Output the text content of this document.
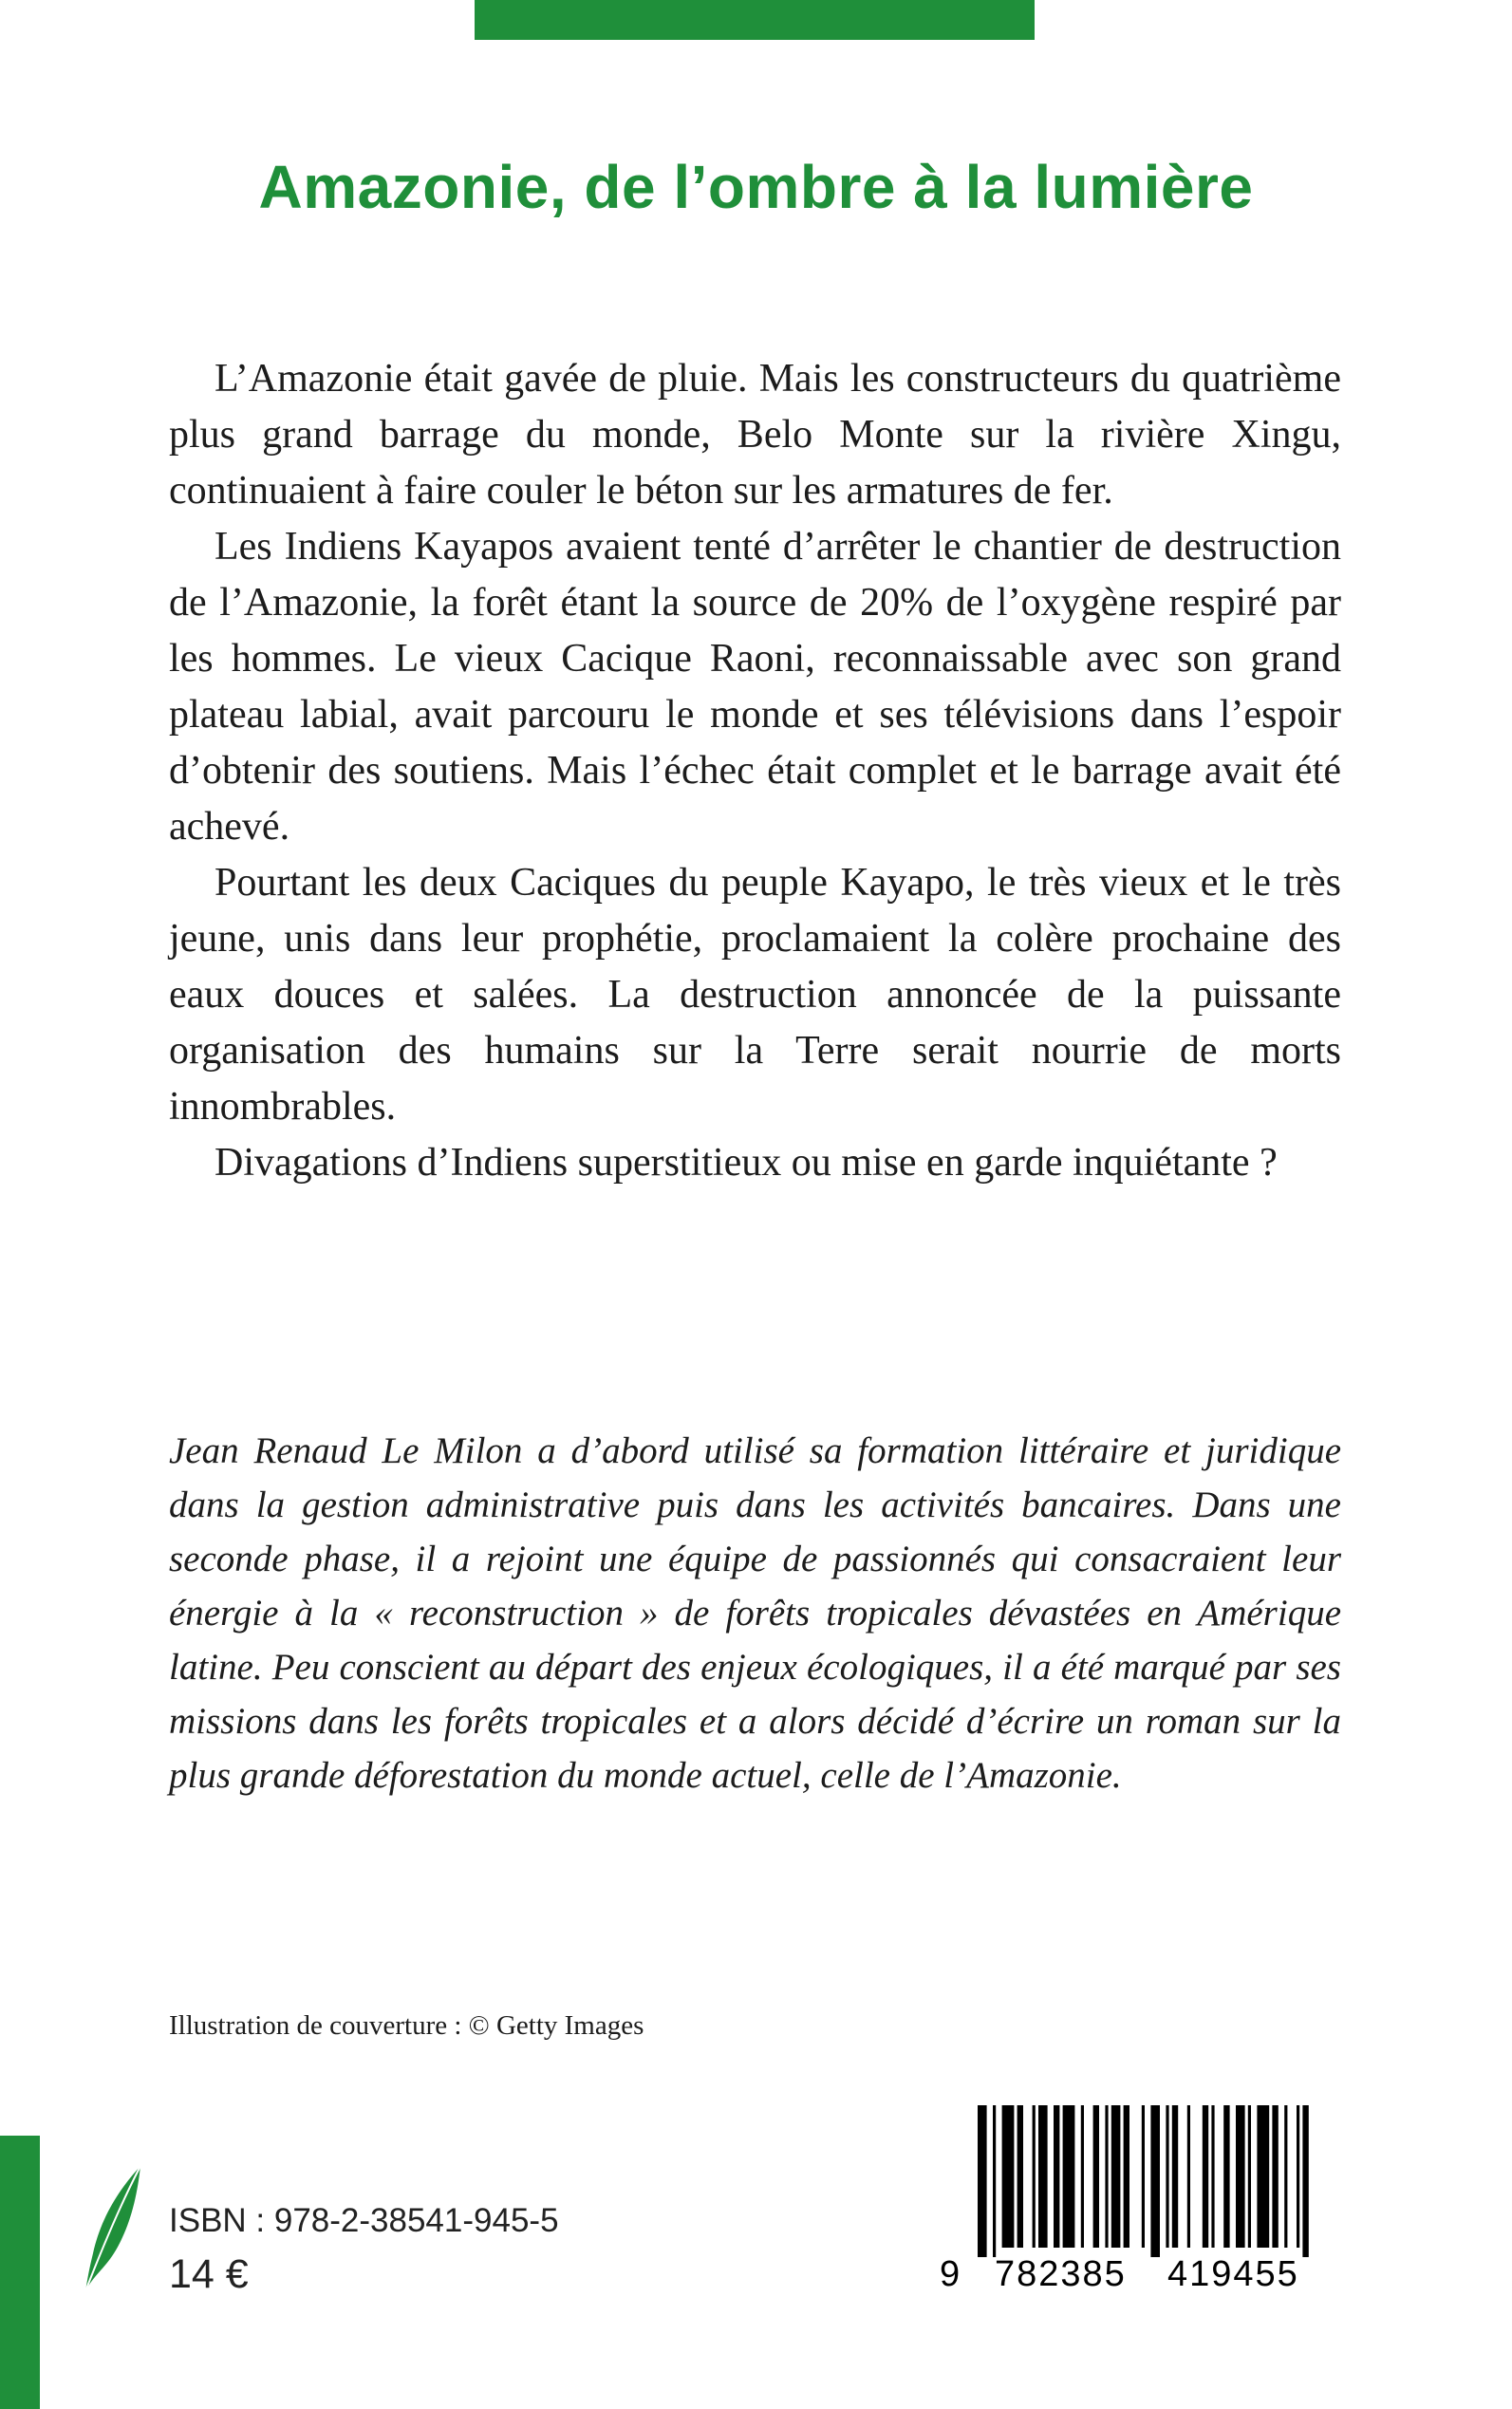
Amazonie, de l’ombre à la lumière

L’Amazonie était gavée de pluie. Mais les constructeurs du quatrième plus grand barrage du monde, Belo Monte sur la rivière Xingu, continuaient à faire couler le béton sur les armatures de fer.

Les Indiens Kayapos avaient tenté d’arrêter le chantier de destruction de l’Amazonie, la forêt étant la source de 20% de l’oxygène respiré par les hommes. Le vieux Cacique Raoni, reconnaissable avec son grand plateau labial, avait parcouru le monde et ses télévisions dans l’espoir d’obtenir des soutiens. Mais l’échec était complet et le barrage avait été achevé.

Pourtant les deux Caciques du peuple Kayapo, le très vieux et le très jeune, unis dans leur prophétie, proclamaient la colère prochaine des eaux douces et salées. La destruction annoncée de la puissante organisation des humains sur la Terre serait nourrie de morts innombrables.

Divagations d’Indiens superstitieux ou mise en garde inquiétante ?

Jean Renaud Le Milon a d’abord utilisé sa formation littéraire et juridique dans la gestion administrative puis dans les activités bancaires. Dans une seconde phase, il a rejoint une équipe de passionnés qui consacraient leur énergie à la « reconstruction » de forêts tropicales dévastées en Amérique latine. Peu conscient au départ des enjeux écologiques, il a été marqué par ses missions dans les forêts tropicales et a alors décidé d’écrire un roman sur la plus grande déforestation du monde actuel, celle de l’Amazonie.

Illustration de couverture : © Getty Images

ISBN : 978-2-38541-945-5

14 €	9 782385 419455
